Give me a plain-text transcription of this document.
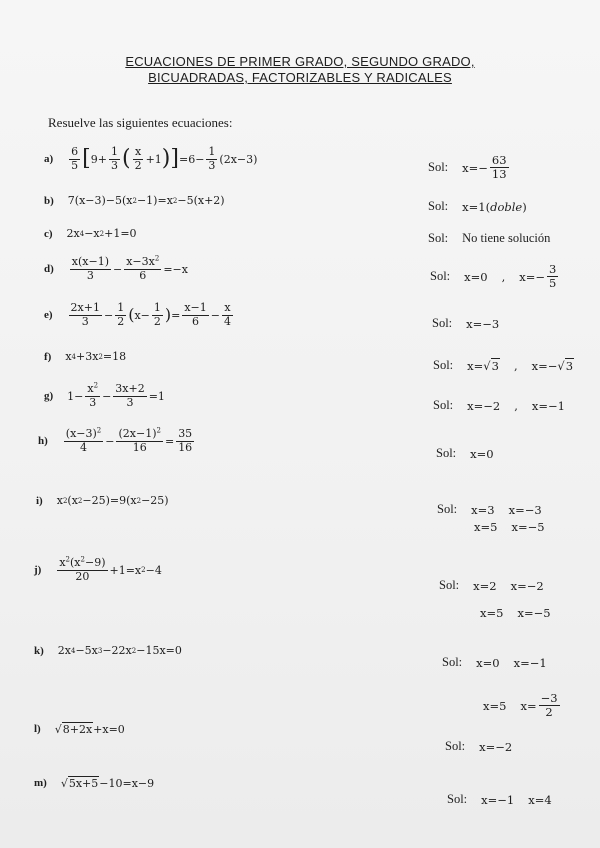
ECUACIONES DE PRIMER GRADO, SEGUNDO GRADO,
BICUADRADAS, FACTORIZABLES Y RADICALES
Resuelve las siguientes ecuaciones:
$a) \frac{6}{5}$ [ $9+ \frac{1}{3}$ ( $\frac{x}{2} +1$ ) ] $=6- \frac{1}{3} (2x-3)$
Sol: $x=- \frac{63}{13}$
b) 7(x−3)−5(x 2 −1)=x 2 −5(x+2)	Sol: x=1( doble )
c) 2x 4 −x 2 +1=0	Sol: No tiene solución
$d) \frac{x(x-1)}{3} - \frac{x-3x^2}{6} =-x$
Sol: x=0 , $x=- \frac{3}{5}$
$e) \frac{2x+1}{3} - \frac{1}{2}$ ( $x- \frac{1}{2}$ ) = $\frac{x-1}{6} - \frac{x}{4}$	Sol: x=−3
f) x 4 +3x 2 =18
Sol: x=√ 3 , x=−√ 3
g) $1- \frac{x^2}{3} - \frac{3x+2}{3} =1$
Sol: x=−2 , x=−1
$h) \frac{(x-3)^2}{4} - \frac{(2x-1)^2}{16} = \frac{35}{16}$	Sol: x=0
i) x 2 (x 2 −25)=9(x 2 −25)
Sol: x=3 x=−3
x=5 x=−5
$j) \frac{x^2(x^2-9)}{20} +1=x$ 2 −4
Sol: x=2 x=−2
x=5 x=−5
k) 2x 4 −5x 3 −22x 2 −15x=0
Sol: x=0 x=−1
x=5 $x= \frac{-3}{2}$
l) √ 8+2x +x=0
Sol: x=−2
m) √ 5x+5 −10=x−9
Sol: x=−1 x=4
